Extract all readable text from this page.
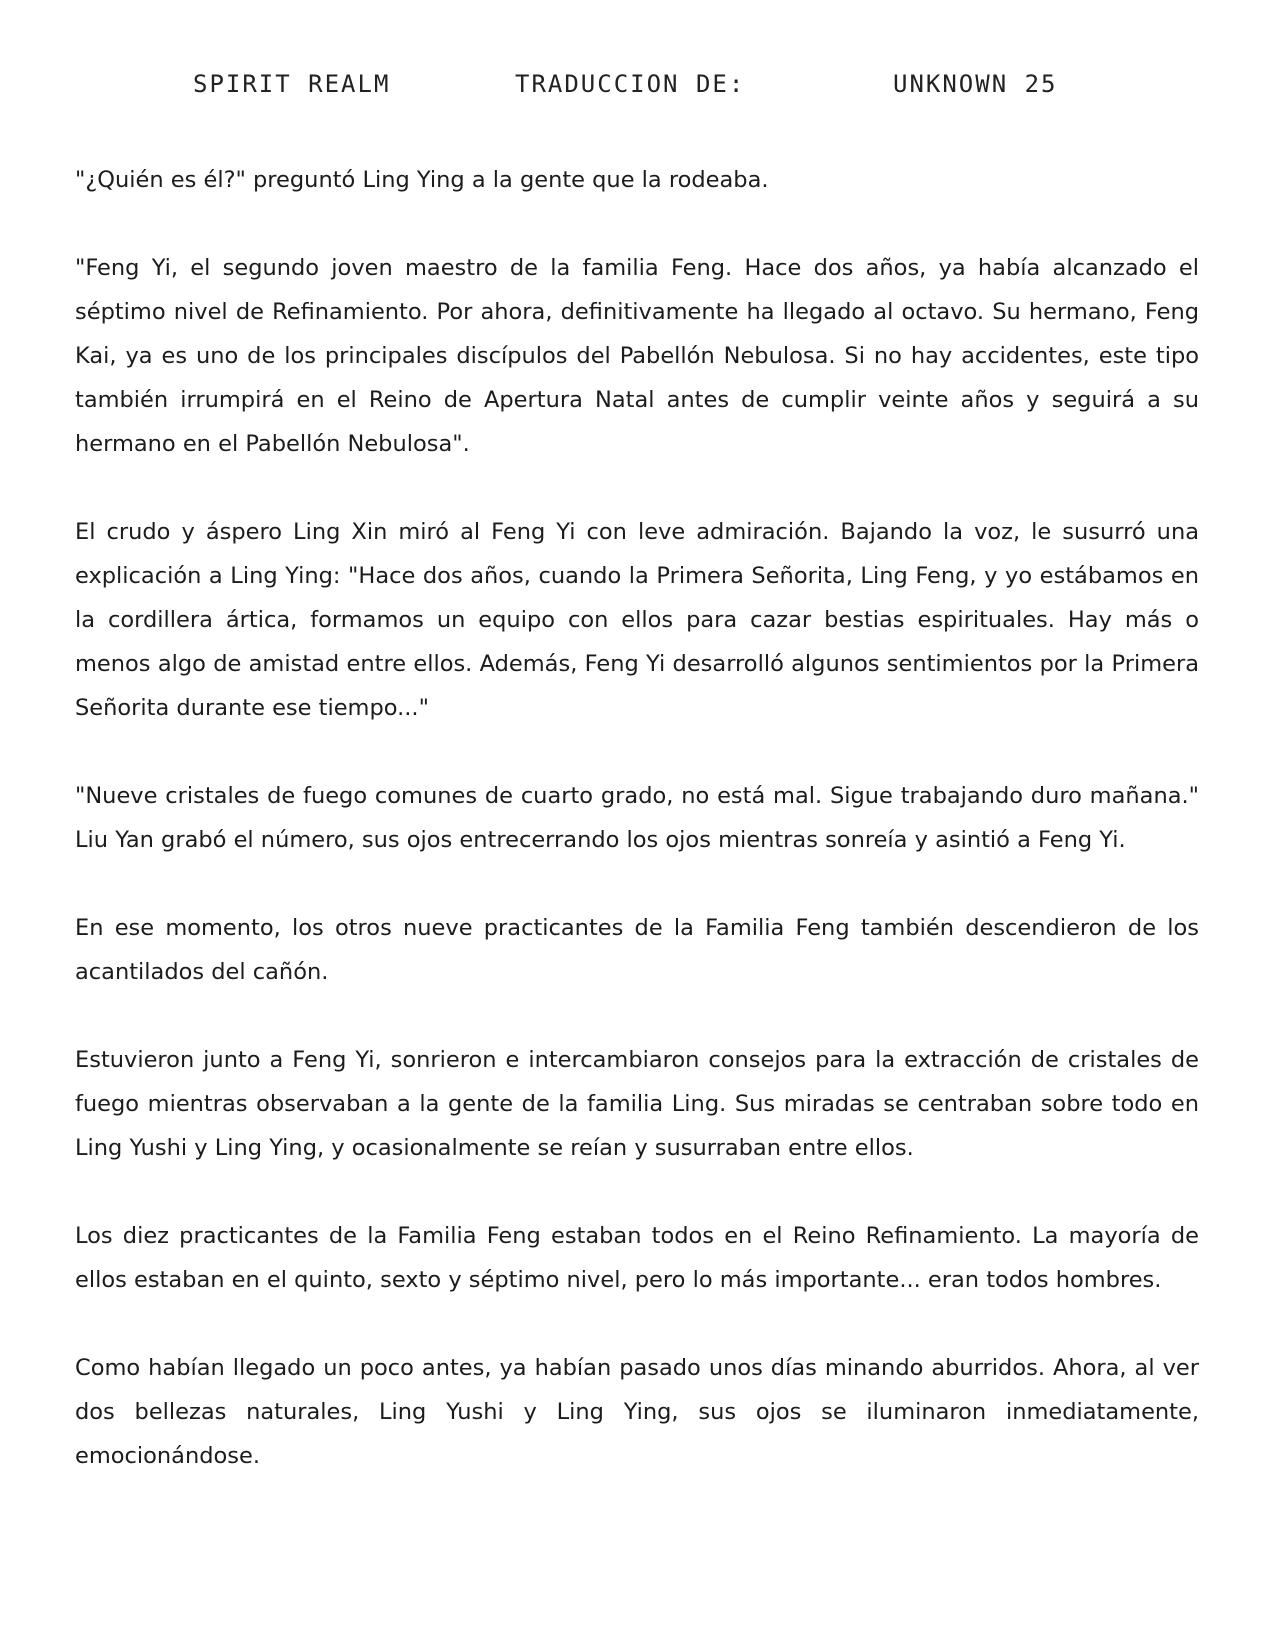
SPIRIT REALM	TRADUCCION DE:	UNKNOWN 25

"¿Quién es él?" preguntó Ling Ying a la gente que la rodeaba.

"Feng Yi, el segundo joven maestro de la familia Feng. Hace dos años, ya había alcanzado el séptimo nivel de Refinamiento. Por ahora, definitivamente ha llegado al octavo. Su hermano, Feng Kai, ya es uno de los principales discípulos del Pabellón Nebulosa. Si no hay accidentes, este tipo también irrumpirá en el Reino de Apertura Natal antes de cumplir veinte años y seguirá a su hermano en el Pabellón Nebulosa".

El crudo y áspero Ling Xin miró al Feng Yi con leve admiración. Bajando la voz, le susurró una explicación a Ling Ying: "Hace dos años, cuando la Primera Señorita, Ling Feng, y yo estábamos en la cordillera ártica, formamos un equipo con ellos para cazar bestias espirituales. Hay más o menos algo de amistad entre ellos. Además, Feng Yi desarrolló algunos sentimientos por la Primera Señorita durante ese tiempo..."

"Nueve cristales de fuego comunes de cuarto grado, no está mal. Sigue trabajando duro mañana." Liu Yan grabó el número, sus ojos entrecerrando los ojos mientras sonreía y asintió a Feng Yi.

En ese momento, los otros nueve practicantes de la Familia Feng también descendieron de los acantilados del cañón.

Estuvieron junto a Feng Yi, sonrieron e intercambiaron consejos para la extracción de cristales de fuego mientras observaban a la gente de la familia Ling. Sus miradas se centraban sobre todo en Ling Yushi y Ling Ying, y ocasionalmente se reían y susurraban entre ellos.

Los diez practicantes de la Familia Feng estaban todos en el Reino Refinamiento. La mayoría de ellos estaban en el quinto, sexto y séptimo nivel, pero lo más importante... eran todos hombres.

Como habían llegado un poco antes, ya habían pasado unos días minando aburridos. Ahora, al ver dos bellezas naturales, Ling Yushi y Ling Ying, sus ojos se iluminaron inmediatamente, emocionándose.
